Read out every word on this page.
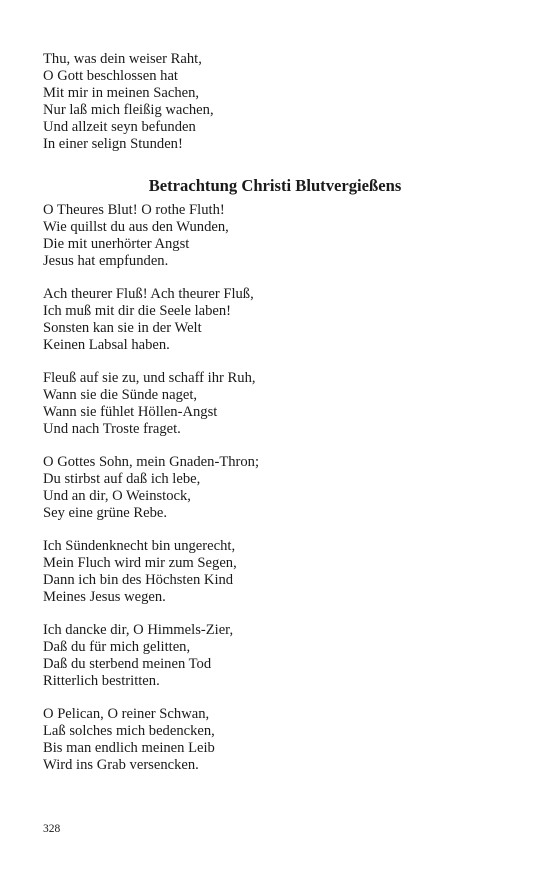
Thu, was dein weiser Raht,
O Gott beschlossen hat
Mit mir in meinen Sachen,
Nur laß mich fleißig wachen,
Und allzeit seyn befunden
In einer selign Stunden!
Betrachtung Christi Blutvergießens
O Theures Blut! O rothe Fluth!
Wie quillst du aus den Wunden,
Die mit unerhörter Angst
Jesus hat empfunden.
Ach theurer Fluß! Ach theurer Fluß,
Ich muß mit dir die Seele laben!
Sonsten kan sie in der Welt
Keinen Labsal haben.
Fleuß auf sie zu, und schaff ihr Ruh,
Wann sie die Sünde naget,
Wann sie fühlet Höllen-Angst
Und nach Troste fraget.
O Gottes Sohn, mein Gnaden-Thron;
Du stirbst auf daß ich lebe,
Und an dir, O Weinstock,
Sey eine grüne Rebe.
Ich Sündenknecht bin ungerecht,
Mein Fluch wird mir zum Segen,
Dann ich bin des Höchsten Kind
Meines Jesus wegen.
Ich dancke dir, O Himmels-Zier,
Daß du für mich gelitten,
Daß du sterbend meinen Tod
Ritterlich bestritten.
O Pelican, O reiner Schwan,
Laß solches mich bedencken,
Bis man endlich meinen Leib
Wird ins Grab versencken.
328
